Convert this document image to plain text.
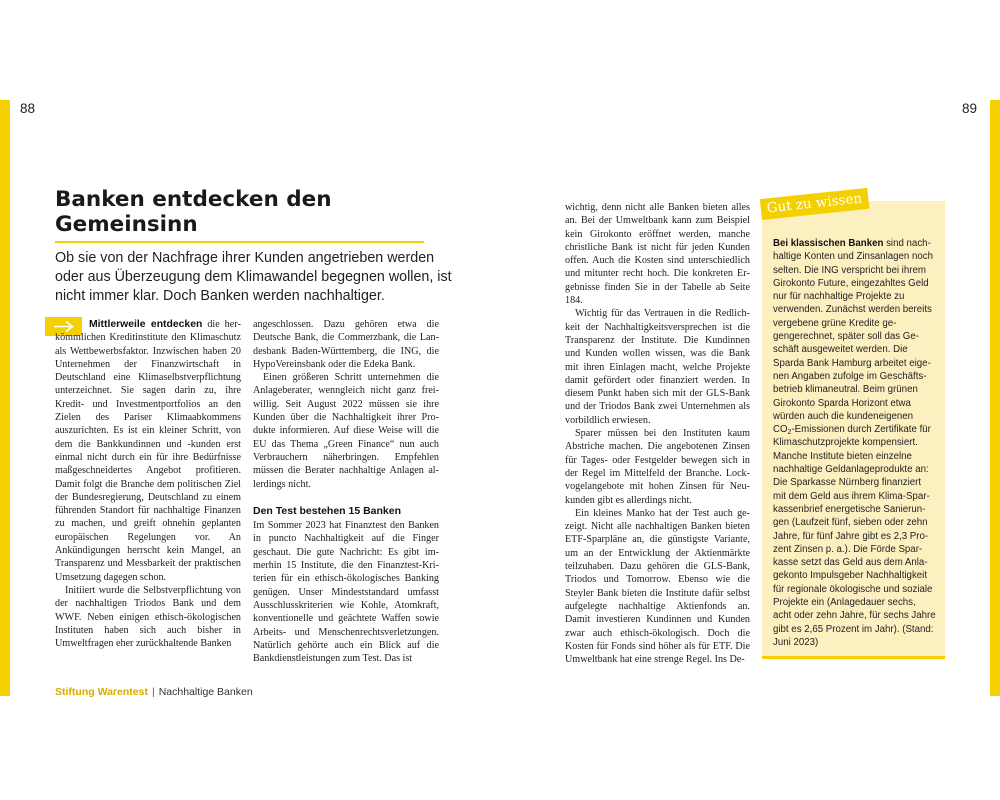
88	89
Banken entdecken den Gemeinsinn

Ob sie von der Nachfrage ihrer Kunden angetrieben werden oder aus Überzeugung dem Klimawandel begegnen wollen, ist nicht immer klar. Doch Banken werden nachhaltiger.

Mittlerweile entdecken die herkömmlichen Kreditinstitute den Klimaschutz als Wettbewerbsfaktor. Inzwischen haben 20 Unternehmen der Finanzwirtschaft in Deutschland eine Klimaselbstverpflichtung unterzeichnet. Sie sagen darin zu, ihre Kredit- und Investmentportfolios an den Zielen des Pariser Klimaabkommens auszurichten. Es ist ein kleiner Schritt, von dem die Bankkundinnen und -kunden erst einmal nicht durch ein für ihre Bedürfnisse maßgeschneidertes Angebot profitieren. Damit folgt die Branche dem politischen Ziel der Bundesregierung, Deutschland zu einem führenden Standort für nachhaltige Finanzen zu machen, und greift ohnehin geplanten europäischen Regelungen vor. An Ankündigungen herrscht kein Mangel, an Transparenz und Messbarkeit der praktischen Umsetzung dagegen schon.

Initiiert wurde die Selbstverpflichtung von der nachhaltigen Triodos Bank und dem WWF. Neben einigen ethisch-ökologischen Instituten haben sich auch bisher in Umweltfragen eher zurückhaltende Banken

angeschlossen. Dazu gehören etwa die Deutsche Bank, die Commerzbank, die Landesbank Baden-Württemberg, die ING, die HypoVereinsbank oder die Edeka Bank.

Einen größeren Schritt unternehmen die Anlageberater, wenngleich nicht ganz freiwillig. Seit August 2022 müssen sie ihre Kunden über die Nachhaltigkeit ihrer Produkte informieren. Auf diese Weise will die EU das Thema „Green Finance“ nun auch Verbrauchern näherbringen. Empfehlen müssen die Berater nachhaltige Anlagen allerdings nicht.

Den Test bestehen 15 Banken

Im Sommer 2023 hat Finanztest den Banken in puncto Nachhaltigkeit auf die Finger geschaut. Die gute Nachricht: Es gibt immerhin 15 Institute, die den Finanztest-Kriterien für ein ethisch-ökologisches Banking genügen. Unser Mindeststandard umfasst Ausschlusskriterien wie Kohle, Atomkraft, konventionelle und geächtete Waffen sowie Arbeits- und Menschenrechtsverletzungen. Natürlich gehörte auch ein Blick auf die Bankdienstleistungen zum Test. Das ist

wichtig, denn nicht alle Banken bieten alles an. Bei der Umweltbank kann zum Beispiel kein Girokonto eröffnet werden, manche christliche Bank ist nicht für jeden Kunden offen. Auch die Kosten sind unterschiedlich und mitunter recht hoch. Die konkreten Ergebnisse finden Sie in der Tabelle ab Seite 184.

Wichtig für das Vertrauen in die Redlichkeit der Nachhaltigkeitsversprechen ist die Transparenz der Institute. Die Kundinnen und Kunden wollen wissen, was die Bank mit ihren Einlagen macht, welche Projekte damit gefördert oder finanziert werden. In diesem Punkt haben sich mit der GLS-Bank und der Triodos Bank zwei Unternehmen als vorbildlich erwiesen.

Sparer müssen bei den Instituten kaum Abstriche machen. Die angebotenen Zinsen für Tages- oder Festgelder bewegen sich in der Regel im Mittelfeld der Branche. Lockvogelangebote mit hohen Zinsen für Neukunden gibt es allerdings nicht.

Ein kleines Manko hat der Test auch gezeigt. Nicht alle nachhaltigen Banken bieten ETF-Sparpläne an, die günstigste Variante, um an der Entwicklung der Aktienmärkte teilzuhaben. Dazu gehören die GLS-Bank, Triodos und Tomorrow. Ebenso wie die Steyler Bank bieten die Institute dafür selbst aufgelegte nachhaltige Aktienfonds an. Damit investieren Kundinnen und Kunden zwar auch ethisch-ökologisch. Doch die Kosten für Fonds sind höher als für ETF. Die Umweltbank hat eine strenge Regel. Ins De-

Gut zu wissen
Bei klassischen Banken sind nachhaltige Konten und Zinsanlagen noch selten. Die ING verspricht bei ihrem Girokonto Future, eingezahltes Geld nur für nachhaltige Projekte zu verwenden. Zunächst werden bereits vergebene grüne Kredite gegengerechnet, später soll das Geschäft ausgeweitet werden. Die Sparda Bank Hamburg arbeitet eigenen Angaben zufolge im Geschäftsbetrieb klimaneutral. Beim grünen Girokonto Sparda Horizont etwa würden auch die kundeneigenen $CO_2$-Emissionen durch Zertifikate für Klimaschutzprojekte kompensiert. Manche Institute bieten einzelne nachhaltige Geldanlageprodukte an: Die Sparkasse Nürnberg finanziert mit dem Geld aus ihrem Klima-Sparkassenbrief energetische Sanierungen (Laufzeit fünf, sieben oder zehn Jahre, für fünf Jahre gibt es 2,3 Prozent Zinsen p. a.). Die Förde Sparkasse setzt das Geld aus dem Anlagekonto Impulsgeber Nachhaltigkeit für regionale ökologische und soziale Projekte ein (Anlagedauer sechs, acht oder zehn Jahre, für sechs Jahre gibt es 2,65 Prozent im Jahr). (Stand: Juni 2023)
Stiftung Warentest | Nachhaltige Banken
